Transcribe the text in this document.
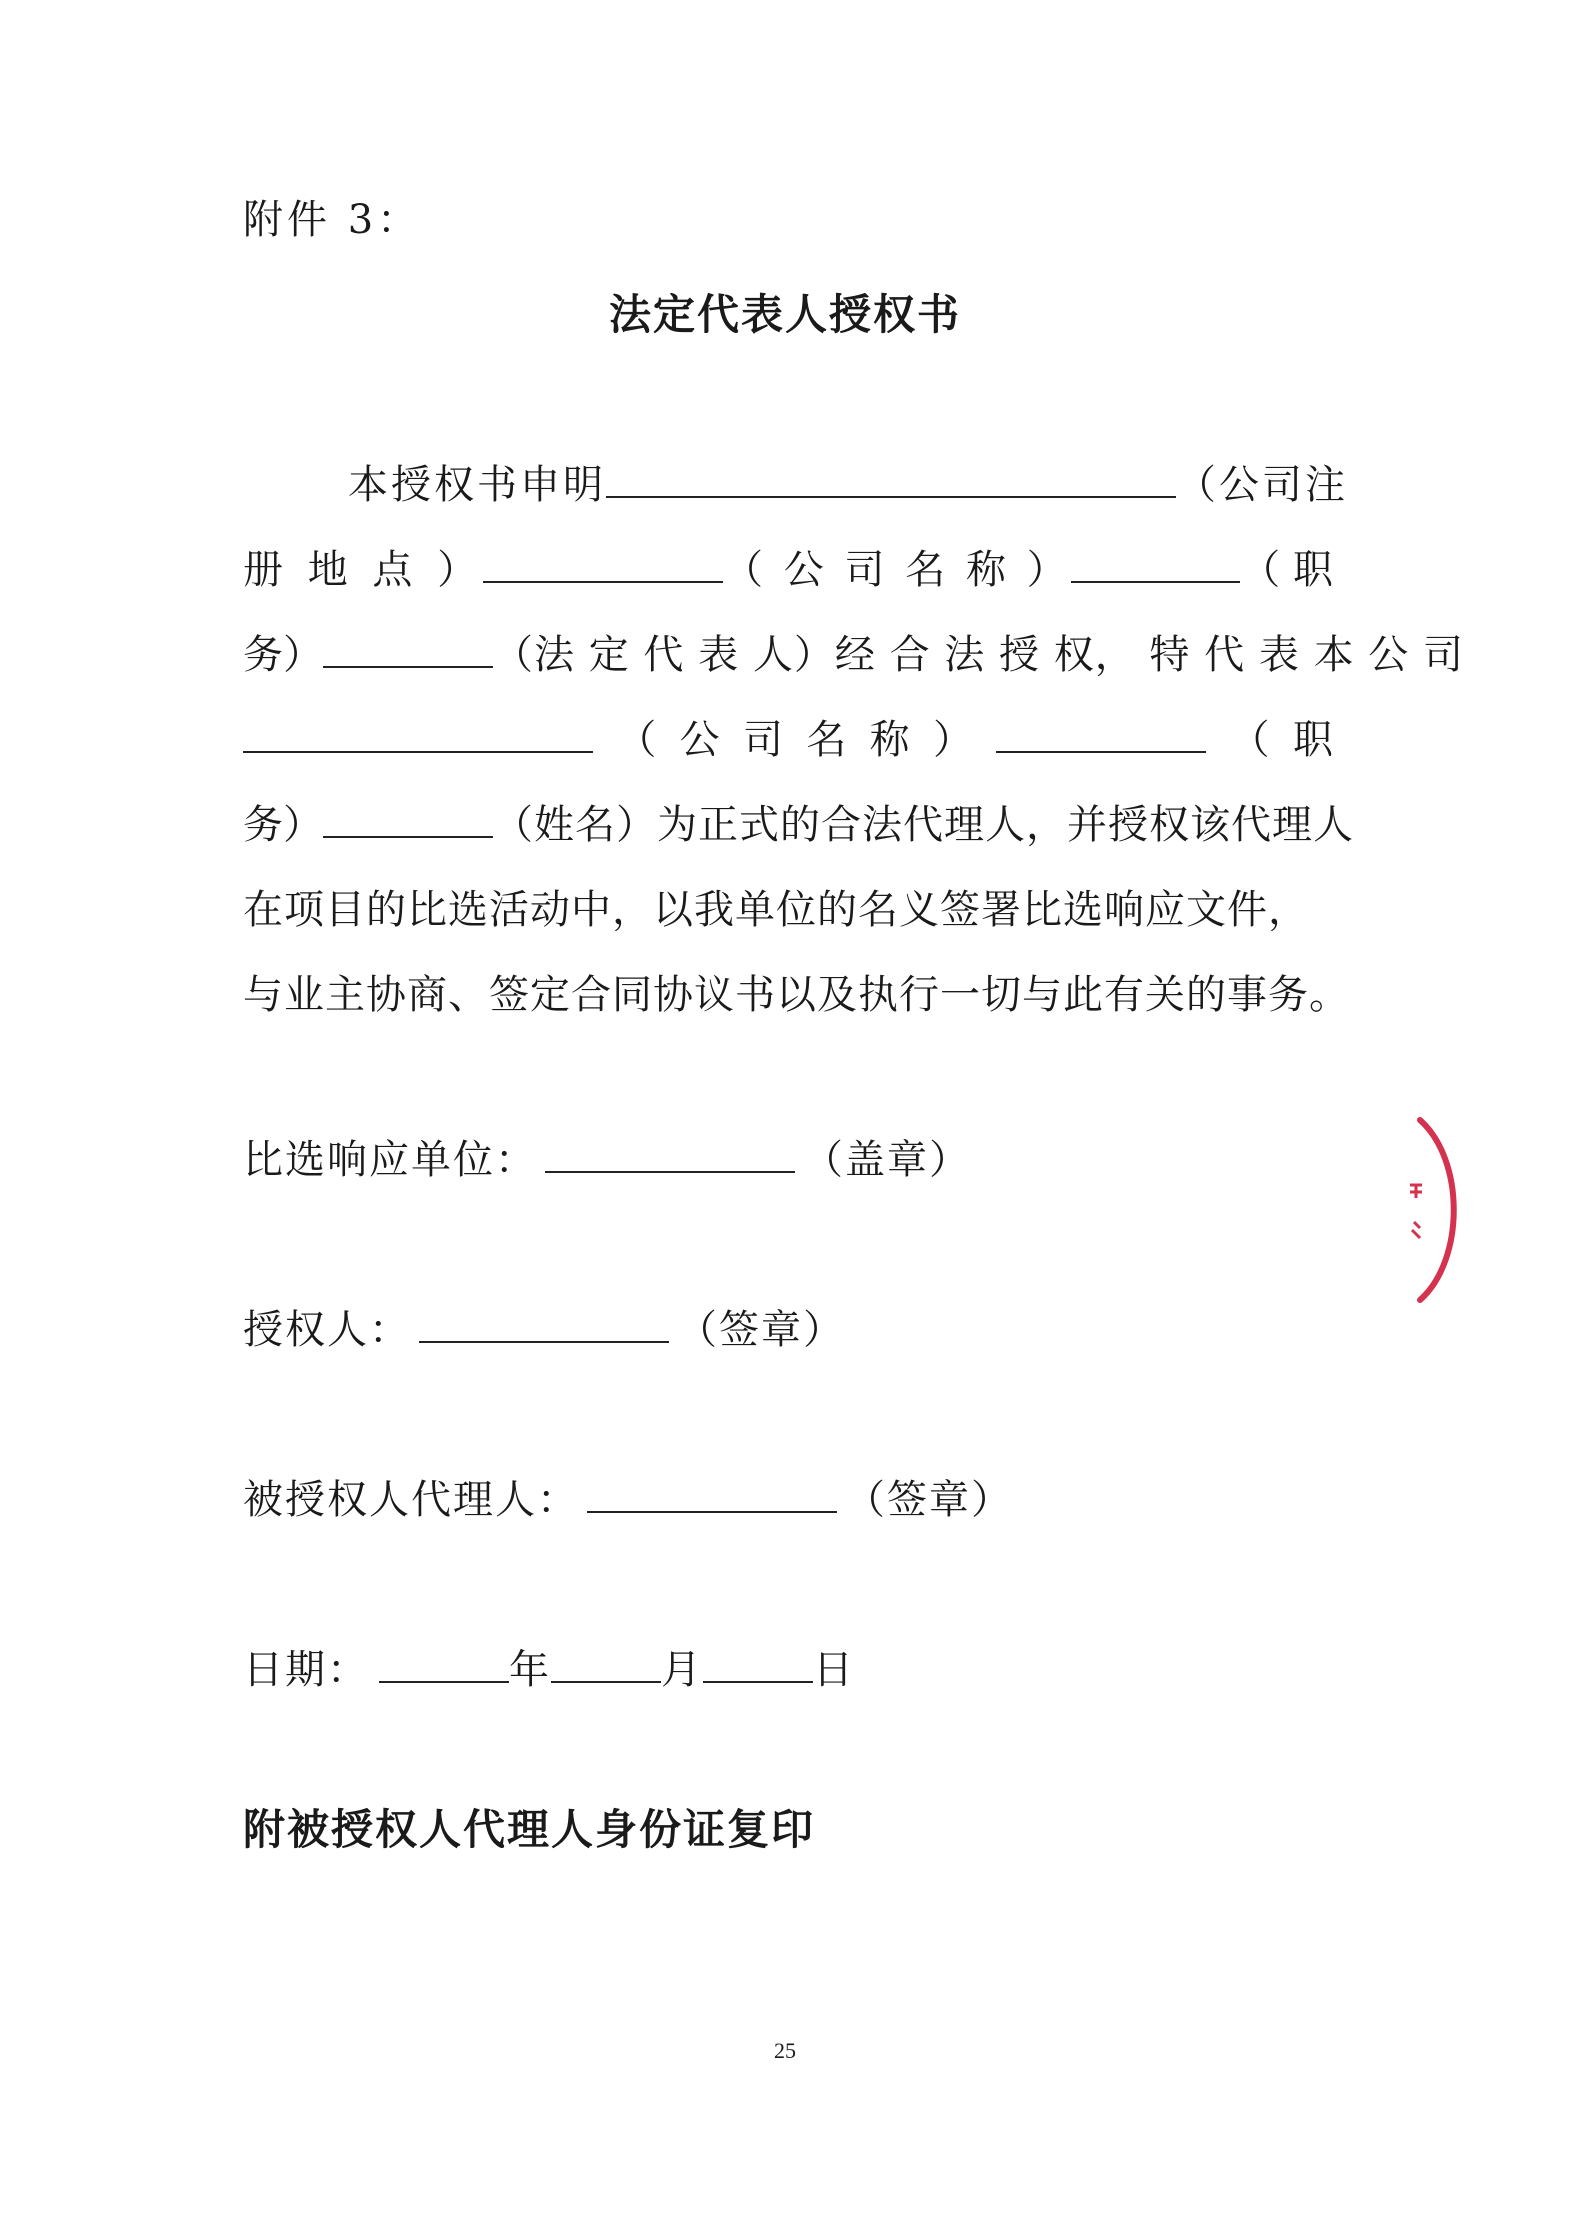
附件 3：
法定代表人授权书
本授权书申明	（公司注
册 地 点 ）	（ 公 司 名 称 ）	（ 职
务）	（法 定 代 表 人）经 合 法 授 权， 特 代 表 本 公 司
（ 公 司 名 称 ）	（ 职
务）	（姓名）为正式的合法代理人，并授权该代理人
在项目的比选活动中，以我单位的名义签署比选响应文件，
与业主协商、签定合同协议书以及执行一切与此有关的事务。
比选响应单位：	（盖章）
授权人：	（签章）
被授权人代理人：	（签章）
日期：	年	月	日
附被授权人代理人身份证复印
25
